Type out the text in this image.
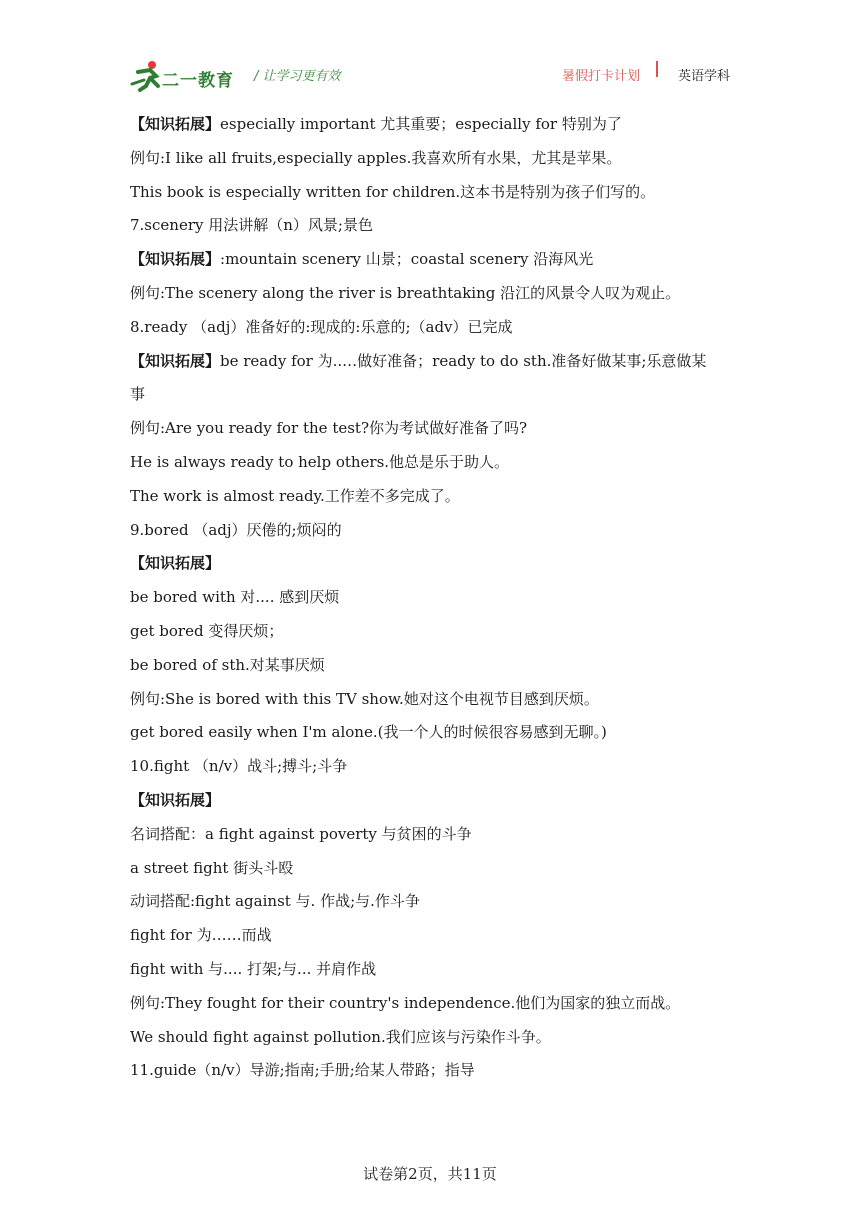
二一教育 / 让学习更有效	暑假打卡计划	英语学科
【知识拓展】especially important 尤其重要；especially for 特别为了
例句:I like all fruits,especially apples.我喜欢所有水果，尤其是苹果。
This book is especially written for children.这本书是特别为孩子们写的。
7.scenery 用法讲解（n）风景;景色
【知识拓展】:mountain scenery 山景；coastal scenery 沿海风光
例句:The scenery along the river is breathtaking 沿江的风景令人叹为观止。
8.ready （adj）准备好的:现成的:乐意的;（adv）已完成
【知识拓展】be ready for 为..…做好准备；ready to do sth.准备好做某事;乐意做某
事
例句:Are you ready for the test?你为考试做好准备了吗?
He is always ready to help others.他总是乐于助人。
The work is almost ready.工作差不多完成了。
9.bored （adj）厌倦的;烦闷的
【知识拓展】
be bored with 对.... 感到厌烦
get bored 变得厌烦；
be bored of sth.对某事厌烦
例句:She is bored with this TV show.她对这个电视节目感到厌烦。
get bored easily when I'm alone.(我一个人的时候很容易感到无聊。)
10.fight （n/v）战斗;搏斗;斗争
【知识拓展】
名词搭配：a fight against poverty 与贫困的斗争
a street fight 街头斗殴
动词搭配:fight against 与. 作战;与.作斗争
fight for 为……而战
fight with 与.... 打架;与... 并肩作战
例句:They fought for their country's independence.他们为国家的独立而战。
We should fight against pollution.我们应该与污染作斗争。
11.guide（n/v）导游;指南;手册;给某人带路；指导
试卷第2页，共11页
